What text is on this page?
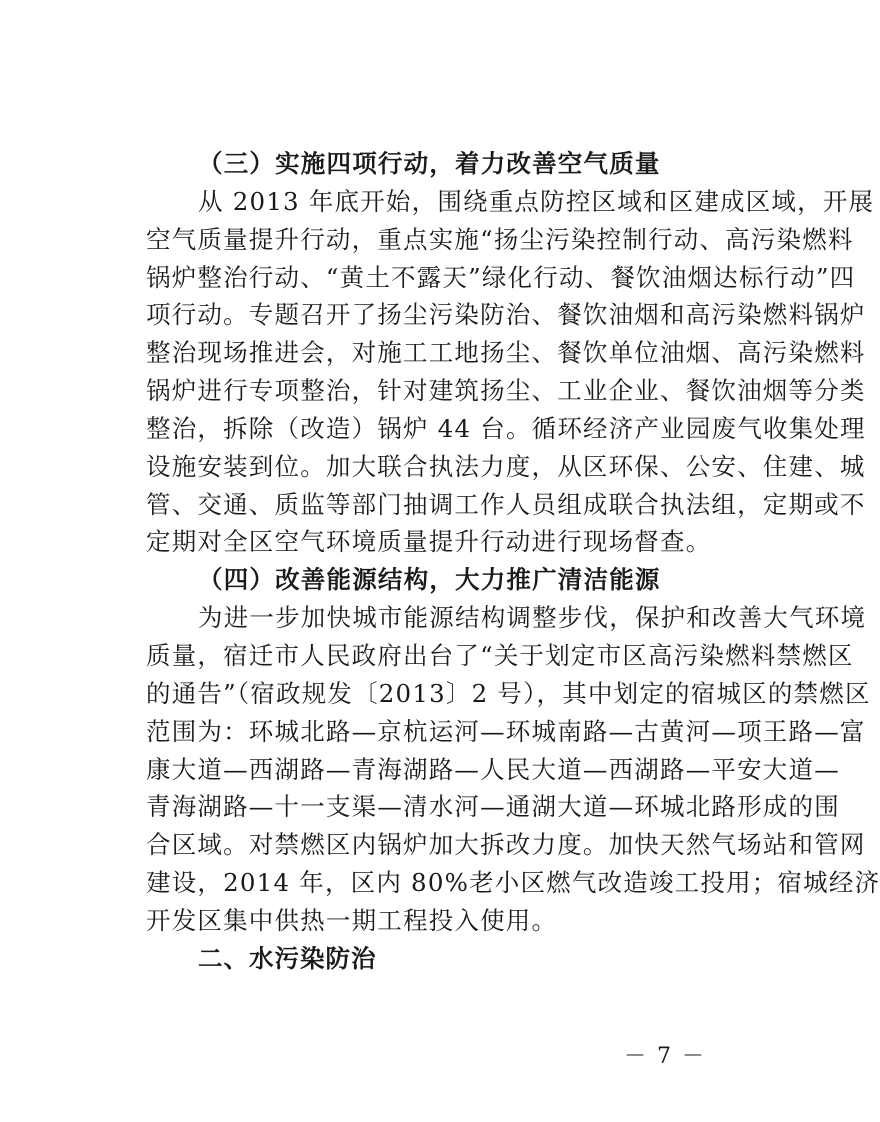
（三）实施四项行动，着力改善空气质量
从 2013 年底开始，围绕重点防控区域和区建成区域，开展
空气质量提升行动，重点实施“扬尘污染控制行动、高污染燃料
锅炉整治行动、“黄土不露天”绿化行动、餐饮油烟达标行动”四
项行动。专题召开了扬尘污染防治、餐饮油烟和高污染燃料锅炉
整治现场推进会，对施工工地扬尘、餐饮单位油烟、高污染燃料
锅炉进行专项整治，针对建筑扬尘、工业企业、餐饮油烟等分类
整治，拆除（改造）锅炉 44 台。循环经济产业园废气收集处理
设施安装到位。加大联合执法力度，从区环保、公安、住建、城
管、交通、质监等部门抽调工作人员组成联合执法组，定期或不
定期对全区空气环境质量提升行动进行现场督查。
（四）改善能源结构，大力推广清洁能源
为进一步加快城市能源结构调整步伐，保护和改善大气环境
质量，宿迁市人民政府出台了“关于划定市区高污染燃料禁燃区
的通告”（宿政规发〔2013〕2 号），其中划定的宿城区的禁燃区
范围为：环城北路—京杭运河—环城南路—古黄河—项王路—富
康大道—西湖路—青海湖路—人民大道—西湖路—平安大道—
青海湖路—十一支渠—清水河—通湖大道—环城北路形成的围
合区域。对禁燃区内锅炉加大拆改力度。加快天然气场站和管网
建设，2014 年，区内 80%老小区燃气改造竣工投用；宿城经济
开发区集中供热一期工程投入使用。
二、水污染防治
－ 7 －
